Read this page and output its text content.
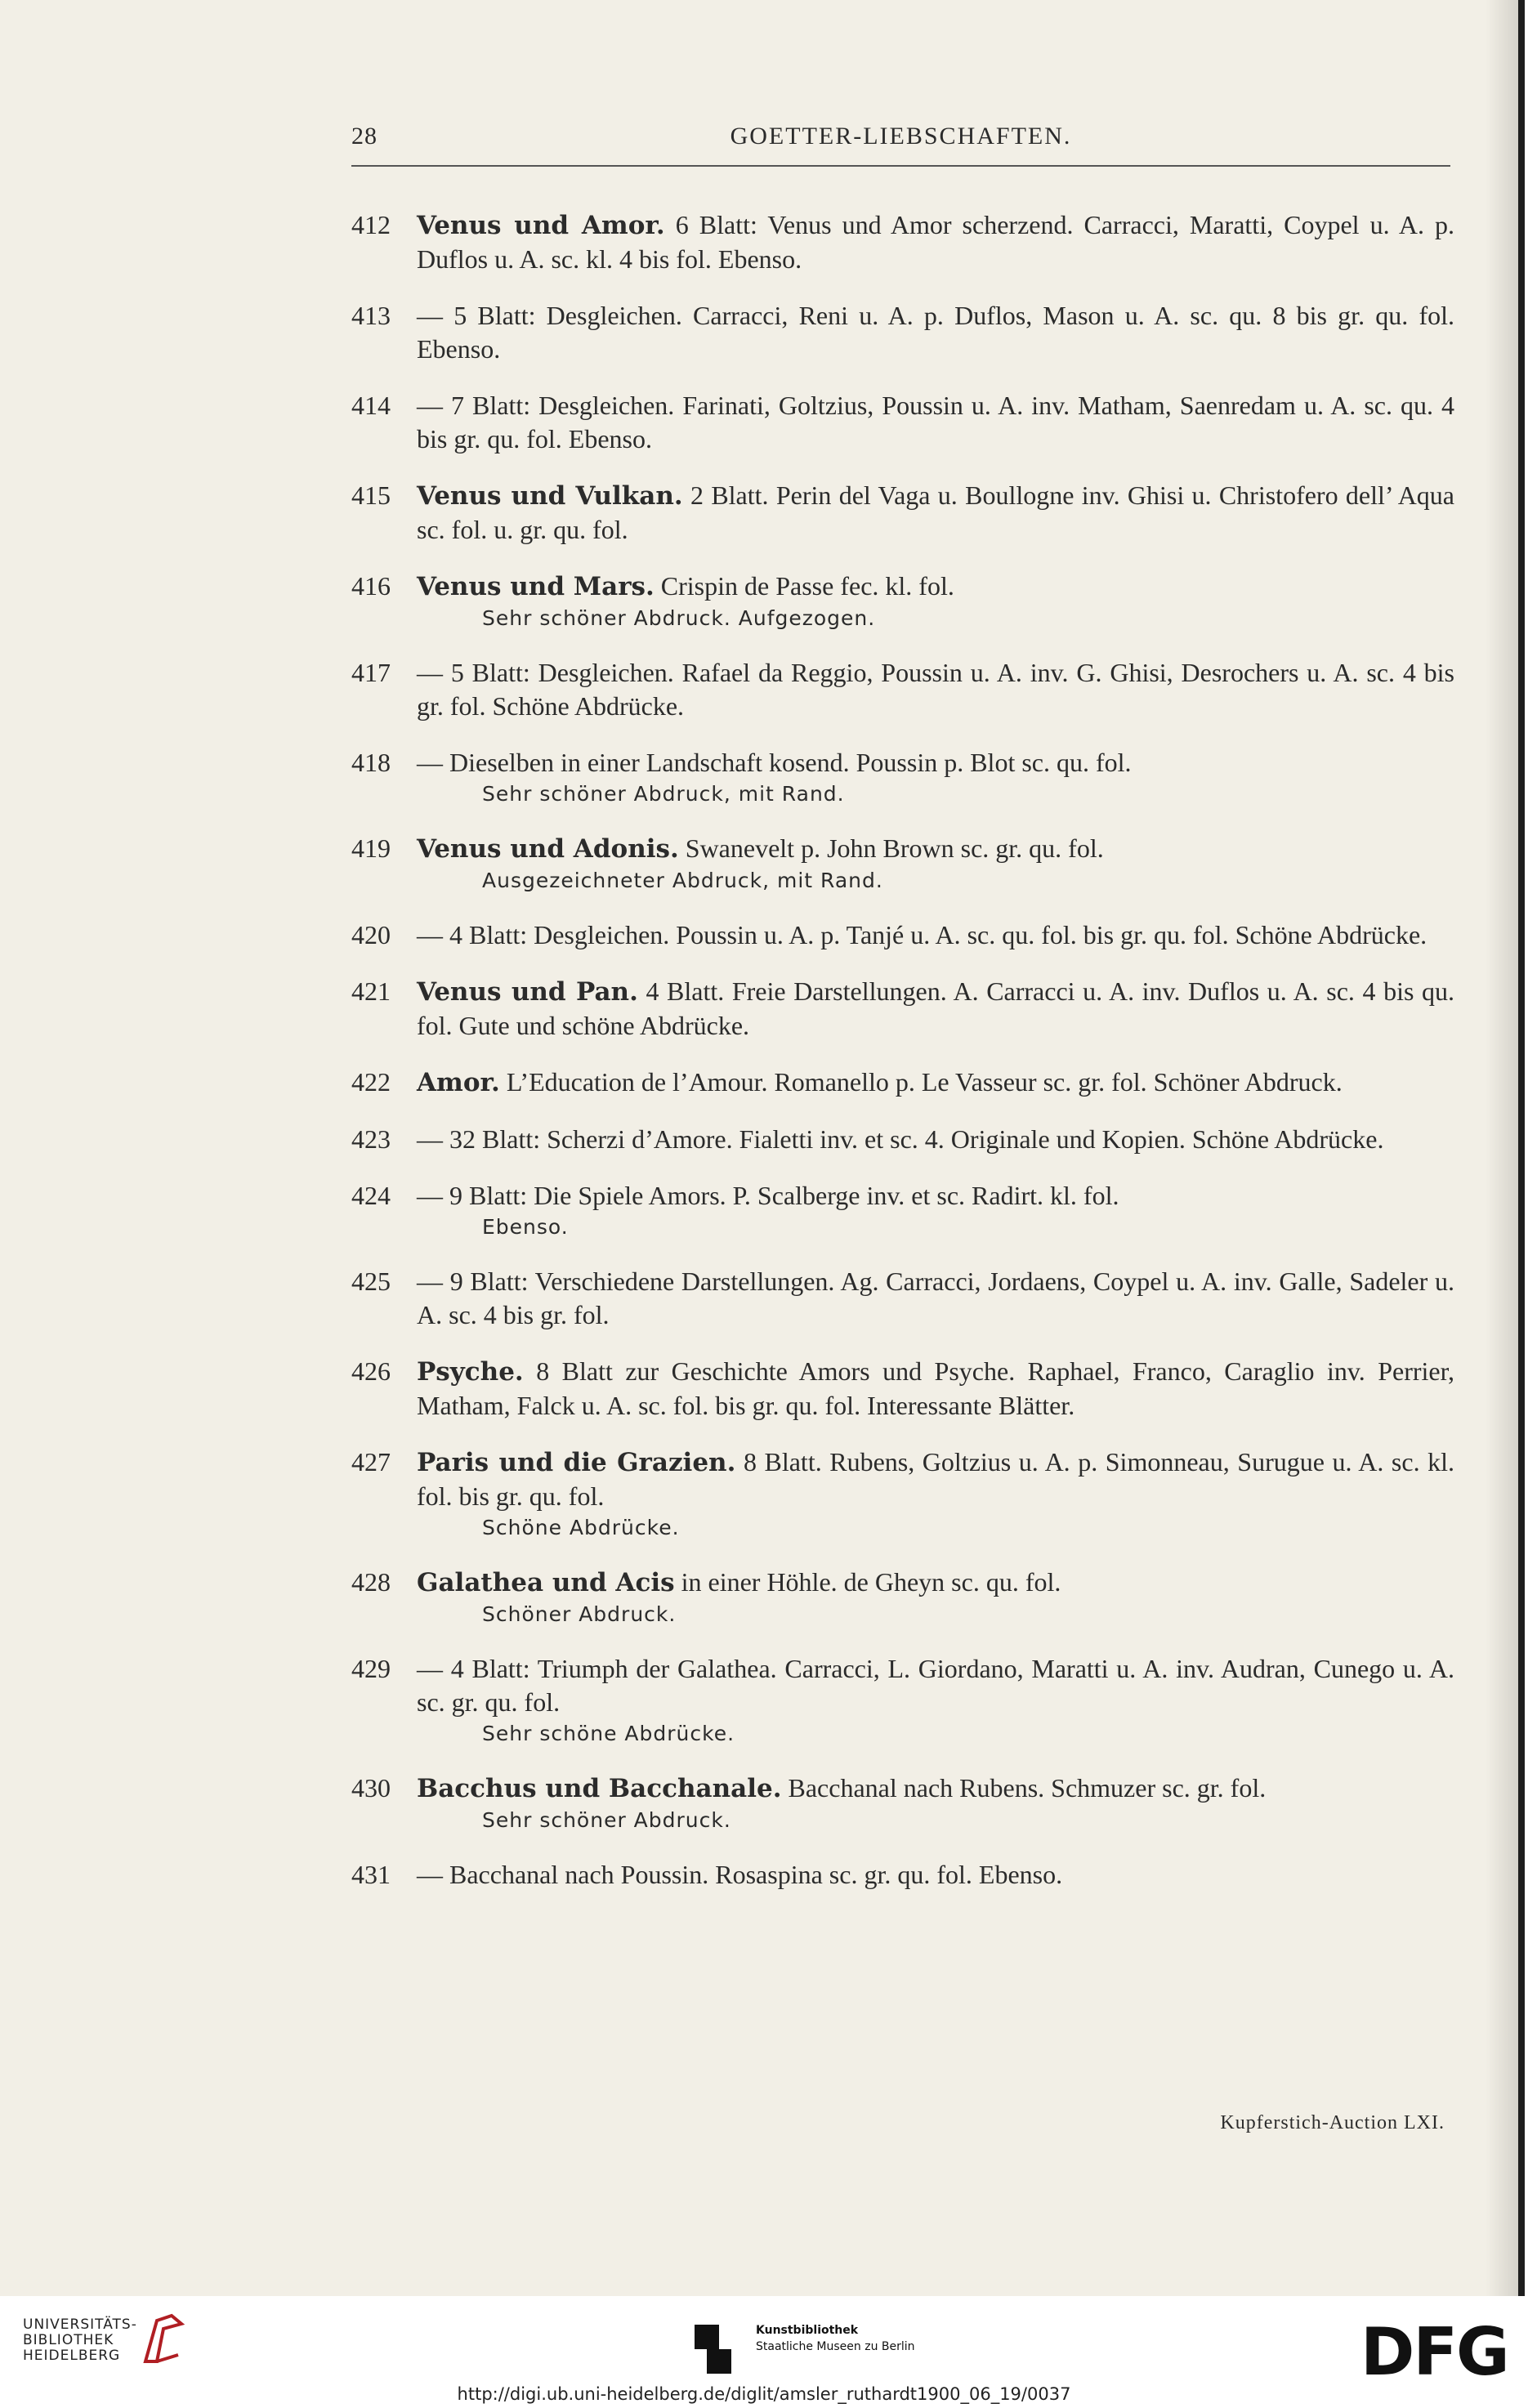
28	GOETTER-LIEBSCHAFTEN.
412 Venus und Amor. 6 Blatt: Venus und Amor scherzend. Carracci, Maratti, Coypel u. A. p. Duflos u. A. sc. kl. 4 bis fol. Ebenso.
413 — 5 Blatt: Desgleichen. Carracci, Reni u. A. p. Duflos, Mason u. A. sc. qu. 8 bis gr. qu. fol. Ebenso.
414 — 7 Blatt: Desgleichen. Farinati, Goltzius, Poussin u. A. inv. Matham, Saenredam u. A. sc. qu. 4 bis gr. qu. fol. Ebenso.
415 Venus und Vulkan. 2 Blatt. Perin del Vaga u. Boullogne inv. Ghisi u. Christofero dell’ Aqua sc. fol. u. gr. qu. fol.
416 Venus und Mars. Crispin de Passe fec. kl. fol.
Sehr schöner Abdruck. Aufgezogen.
417 — 5 Blatt: Desgleichen. Rafael da Reggio, Poussin u. A. inv. G. Ghisi, Desrochers u. A. sc. 4 bis gr. fol. Schöne Abdrücke.
418 — Dieselben in einer Landschaft kosend. Poussin p. Blot sc. qu. fol.
Sehr schöner Abdruck, mit Rand.
419 Venus und Adonis. Swanevelt p. John Brown sc. gr. qu. fol.
Ausgezeichneter Abdruck, mit Rand.
420 — 4 Blatt: Desgleichen. Poussin u. A. p. Tanjé u. A. sc. qu. fol. bis gr. qu. fol. Schöne Abdrücke.
421 Venus und Pan. 4 Blatt. Freie Darstellungen. A. Carracci u. A. inv. Duflos u. A. sc. 4 bis qu. fol. Gute und schöne Abdrücke.
422 Amor. L’Education de l’Amour. Romanello p. Le Vasseur sc. gr. fol. Schöner Abdruck.
423 — 32 Blatt: Scherzi d’Amore. Fialetti inv. et sc. 4. Originale und Kopien. Schöne Abdrücke.
424 — 9 Blatt: Die Spiele Amors. P. Scalberge inv. et sc. Radirt. kl. fol.
Ebenso.
425 — 9 Blatt: Verschiedene Darstellungen. Ag. Carracci, Jordaens, Coypel u. A. inv. Galle, Sadeler u. A. sc. 4 bis gr. fol.
426 Psyche. 8 Blatt zur Geschichte Amors und Psyche. Raphael, Franco, Caraglio inv. Perrier, Matham, Falck u. A. sc. fol. bis gr. qu. fol. Interessante Blätter.
427 Paris und die Grazien. 8 Blatt. Rubens, Goltzius u. A. p. Simonneau, Surugue u. A. sc. kl. fol. bis gr. qu. fol.
Schöne Abdrücke.
428 Galathea und Acis in einer Höhle. de Gheyn sc. qu. fol.
Schöner Abdruck.
429 — 4 Blatt: Triumph der Galathea. Carracci, L. Giordano, Maratti u. A. inv. Audran, Cunego u. A. sc. gr. qu. fol.
Sehr schöne Abdrücke.
430 Bacchus und Bacchanale. Bacchanal nach Rubens. Schmuzer sc. gr. fol.
Sehr schöner Abdruck.
431 — Bacchanal nach Poussin. Rosaspina sc. gr. qu. fol. Ebenso.
Kupferstich-Auction LXI.
UNIVERSITÄTS-
BIBLIOTHEK
HEIDELBERG
Kunstbibliothek
Staatliche Museen zu Berlin	DFG
http://digi.ub.uni-heidelberg.de/diglit/amsler_ruthardt1900_06_19/0037
